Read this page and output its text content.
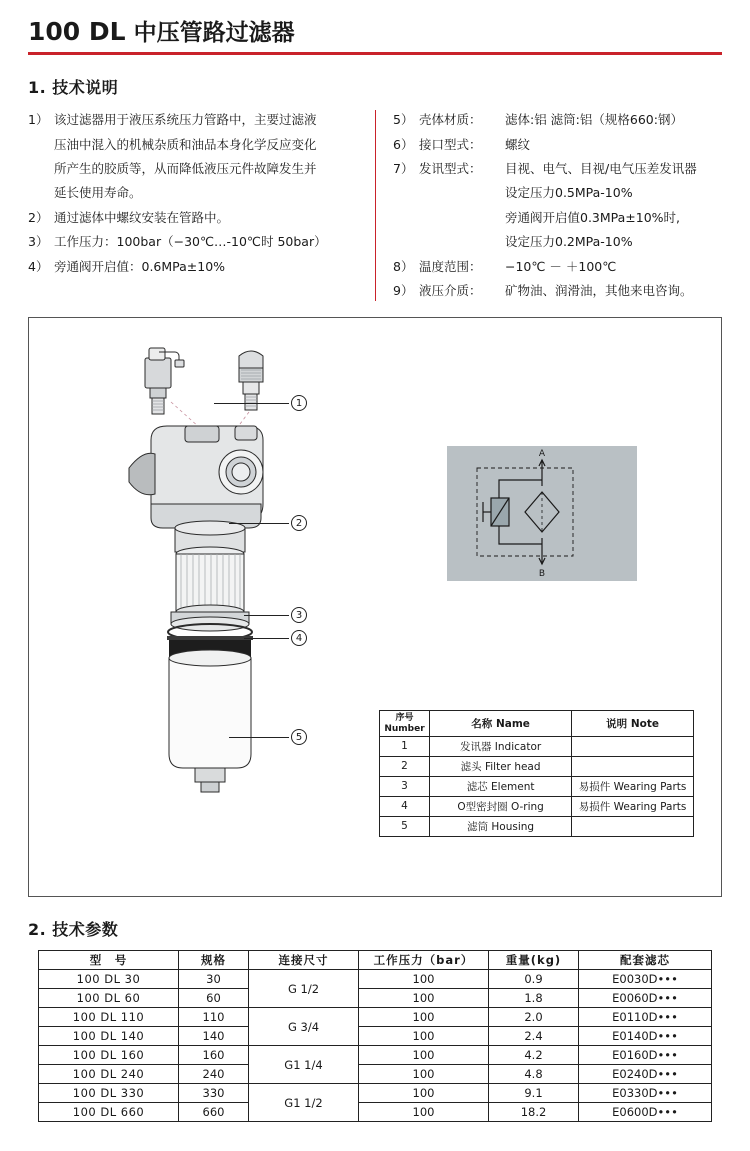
100 DL 中压管路过滤器
1. 技术说明
1） 该过滤器用于液压系统压力管路中，主要过滤液
压油中混入的机械杂质和油品本身化学反应变化
所产生的胶质等，从而降低液压元件故障发生并
延长使用寿命。
2） 通过滤体中螺纹安装在管路中。
3） 工作压力：100bar（−30℃…-10℃时 50bar）
4） 旁通阀开启值：0.6MPa±10%
5） 壳体材质： 滤体:铝 滤筒:铝（规格660:钢）
6） 接口型式： 螺纹
7） 发讯型式： 目视、电气、目视/电气压差发讯器
设定压力0.5MPa-10%
旁通阀开启值0.3MPa±10%时,
设定压力0.2MPa-10%
8） 温度范围： −10℃ － ＋100℃
9） 液压介质： 矿物油、润滑油，其他来电咨询。
1
2
3
4
5
A
B
序号
Number	名称 Name	说明 Note
1	发讯器 Indicator	
2	滤头 Filter head	
3	滤芯 Element	易损件 Wearing Parts
4	O型密封圈 O-ring	易损件 Wearing Parts
5	滤筒 Housing	
2. 技术参数
型　号	规格	连接尺寸	工作压力（bar）	重量(kg)	配套滤芯
100 DL 30	30	G 1/2	100	0.9	E0030D•••
100 DL 60	60		100	1.8	E0060D•••
100 DL 110	110	G 3/4	100	2.0	E0110D•••
100 DL 140	140		100	2.4	E0140D•••
100 DL 160	160	G1 1/4	100	4.2	E0160D•••
100 DL 240	240		100	4.8	E0240D•••
100 DL 330	330	G1 1/2	100	9.1	E0330D•••
100 DL 660	660		100	18.2	E0600D•••
